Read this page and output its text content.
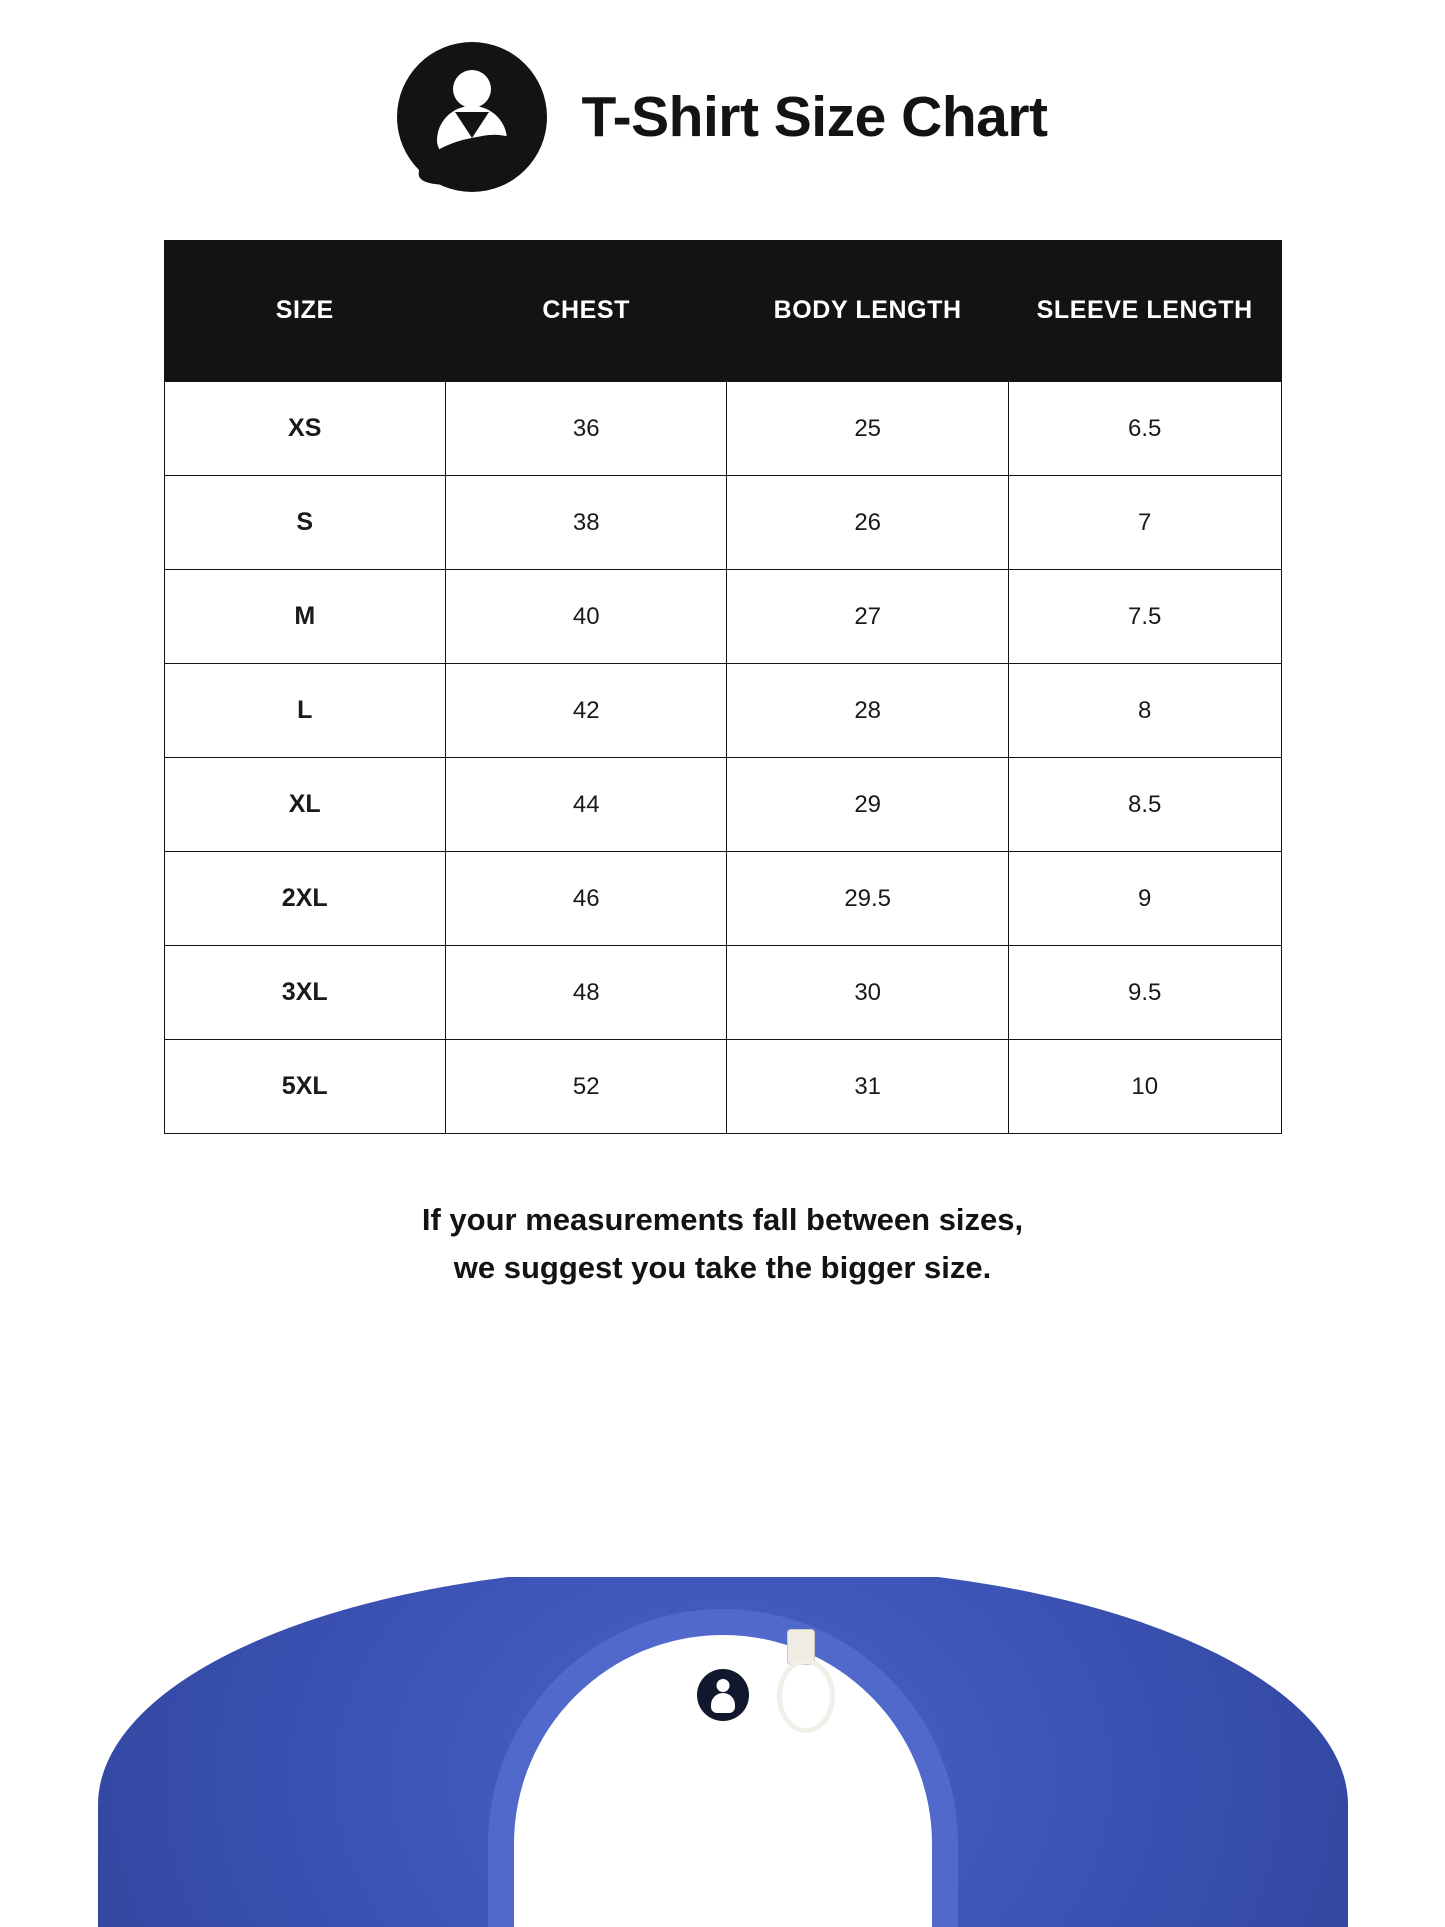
T-Shirt Size Chart
SIZE	CHEST	BODY LENGTH	SLEEVE LENGTH
XS	36	25	6.5
S	38	26	7
M	40	27	7.5
L	42	28	8
XL	44	29	8.5
2XL	46	29.5	9
3XL	48	30	9.5
5XL	52	31	10
If your measurements fall between sizes,
we suggest you take the bigger size.
